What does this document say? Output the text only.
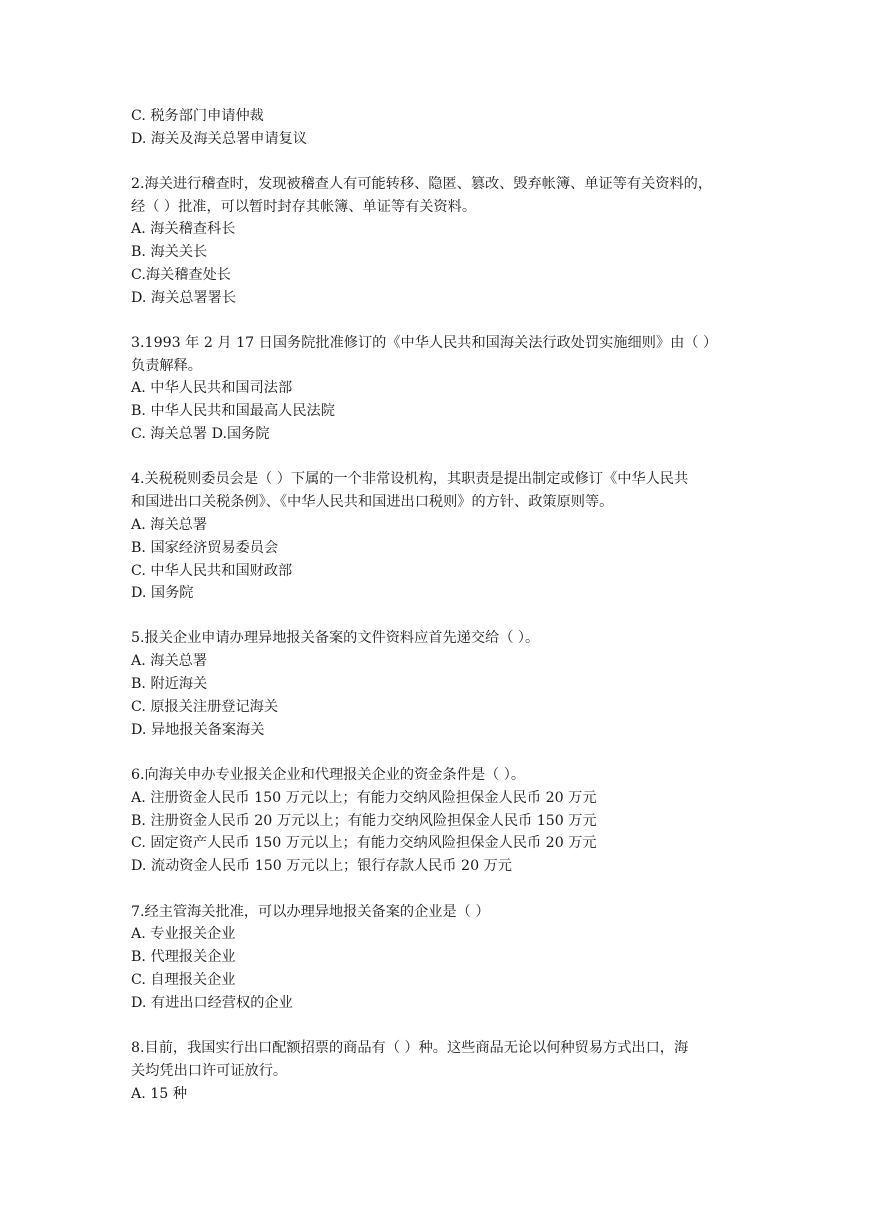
C. 税务部门申请仲裁

D. 海关及海关总署申请复议

2.海关进行稽查时，发现被稽查人有可能转移、隐匿、篡改、毁弃帐簿、单证等有关资料的，

经（ ）批准，可以暂时封存其帐簿、单证等有关资料。

A. 海关稽查科长

B. 海关关长

C.海关稽查处长

D. 海关总署署长

3.1993 年 2 月 17 日国务院批准修订的《中华人民共和国海关法行政处罚实施细则》由（ ）

负责解释。

A. 中华人民共和国司法部

B. 中华人民共和国最高人民法院

C. 海关总署 D.国务院

4.关税税则委员会是（ ）下属的一个非常设机构，其职责是提出制定或修订《中华人民共

和国进出口关税条例》、《中华人民共和国进出口税则》的方针、政策原则等。

A. 海关总署

B. 国家经济贸易委员会

C. 中华人民共和国财政部

D. 国务院

5.报关企业申请办理异地报关备案的文件资料应首先递交给（ ）。

A. 海关总署

B. 附近海关

C. 原报关注册登记海关

D. 异地报关备案海关

6.向海关申办专业报关企业和代理报关企业的资金条件是（ ）。

A. 注册资金人民币 150 万元以上；有能力交纳风险担保金人民币 20 万元

B. 注册资金人民币 20 万元以上；有能力交纳风险担保金人民币 150 万元

C. 固定资产人民币 150 万元以上；有能力交纳风险担保金人民币 20 万元

D. 流动资金人民币 150 万元以上；银行存款人民币 20 万元

7.经主管海关批准，可以办理异地报关备案的企业是（ ）

A. 专业报关企业

B. 代理报关企业

C. 自理报关企业

D. 有进出口经营权的企业

8.目前，我国实行出口配额招票的商品有（ ）种。这些商品无论以何种贸易方式出口，海

关均凭出口许可证放行。

A. 15 种
